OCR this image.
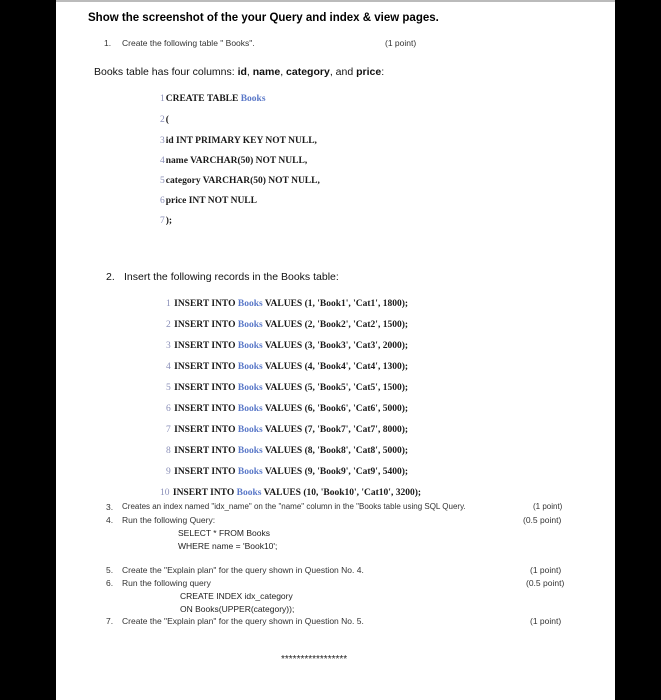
Show the screenshot of the your Query and index & view pages.
1. Create the following table " Books".	(1 point)
Books table has four columns: id, name, category, and price:
1CREATE TABLE Books
2(
3id INT PRIMARY KEY NOT NULL,
4name VARCHAR(50) NOT NULL,
5category VARCHAR(50) NOT NULL,
6price INT NOT NULL
7);
2. Insert the following records in the Books table:
1 INSERT INTO Books VALUES (1, 'Book1', 'Cat1', 1800);
2 INSERT INTO Books VALUES (2, 'Book2', 'Cat2', 1500);
3 INSERT INTO Books VALUES (3, 'Book3', 'Cat3', 2000);
4 INSERT INTO Books VALUES (4, 'Book4', 'Cat4', 1300);
5 INSERT INTO Books VALUES (5, 'Book5', 'Cat5', 1500);
6 INSERT INTO Books VALUES (6, 'Book6', 'Cat6', 5000);
7 INSERT INTO Books VALUES (7, 'Book7', 'Cat7', 8000);
8 INSERT INTO Books VALUES (8, 'Book8', 'Cat8', 5000);
9 INSERT INTO Books VALUES (9, 'Book9', 'Cat9', 5400);
10 INSERT INTO Books VALUES (10, 'Book10', 'Cat10', 3200);
3. Creates an index named "idx_name" on the "name" column in the "Books table using SQL Query.	(1 point)
4. Run the following Query:	(0.5 point)
SELECT * FROM Books
WHERE name = 'Book10';
5. Create the "Explain plan" for the query shown in Question No. 4.	(1 point)
6. Run the following query	(0.5 point)
CREATE INDEX idx_category
ON Books(UPPER(category));
7. Create the "Explain plan" for the query shown in Question No. 5.	(1 point)
*****************
